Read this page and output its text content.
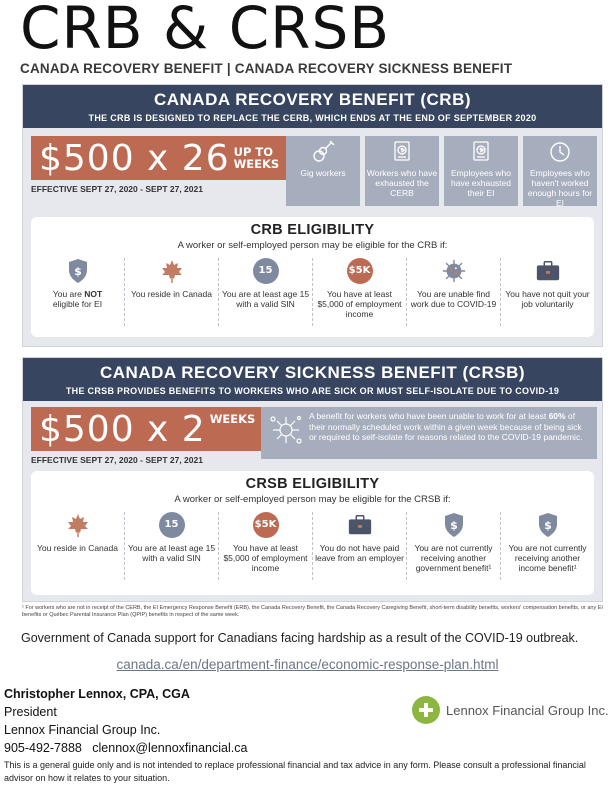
CRB & CRSB
CANADA RECOVERY BENEFIT | CANADA RECOVERY SICKNESS BENEFIT
CANADA RECOVERY BENEFIT (CRB)
THE CRB IS DESIGNED TO REPLACE THE CERB, WHICH ENDS AT THE END OF SEPTEMBER 2020
$500 x 26 UP TO
WEEKS
EFFECTIVE SEPT 27, 2020 - SEPT 27, 2021
Gig workers	Workers who have exhausted the CERB
Employees who have exhausted their EI
Employees who haven't worked enough hours for EI
CRB ELIGIBILITY
A worker or self-employed person may be eligible for the CRB if:
$
You are NOT
eligible for EI
You reside in Canada
15
You are at least age 15 with a valid SIN
$5K
You have at least $5,000 of employment income
You are unable find work due to COVID-19
You have not quit your job voluntarily
CANADA RECOVERY SICKNESS BENEFIT (CRSB)
THE CRSB PROVIDES BENEFITS TO WORKERS WHO ARE SICK OR MUST SELF-ISOLATE DUE TO COVID-19
$500 x 2 WEEKS
EFFECTIVE SEPT 27, 2020 - SEPT 27, 2021
A benefit for workers who have been unable to work for at least 60% of their normally scheduled work within a given week because of being sick or required to self-isolate for reasons related to the COVID-19 pandemic.
CRSB ELIGIBILITY
A worker or self-employed person may be eligible for the CRSB if:
You reside in Canada
15
You are at least age 15 with a valid SIN
$5K
You have at least $5,000 of employment income
You do not have paid leave from an employer
$
You are not currently receiving another government benefit¹
$
You are not currently receiving another income benefit¹
¹ For workers who are not in receipt of the CERB, the EI Emergency Response Benefit (ERB), the Canada Recovery Benefit, the Canada Recovery Caregiving Benefit, short-term disability benefits, workers' compensation benefits, or any EI benefits or Québec Parental Insurance Plan (QPIP) benefits in respect of the same week.
Government of Canada support for Canadians facing hardship as a result of the COVID-19 outbreak.
canada.ca/en/department-finance/economic-response-plan.html
Christopher Lennox, CPA, CGA
President
Lennox Financial Group Inc.
905-492-7888 clennox@lennoxfinancial.ca
Lennox Financial Group Inc.
This is a general guide only and is not intended to replace professional financial and tax advice in any form. Please consult a professional financial advisor on how it relates to your situation.
